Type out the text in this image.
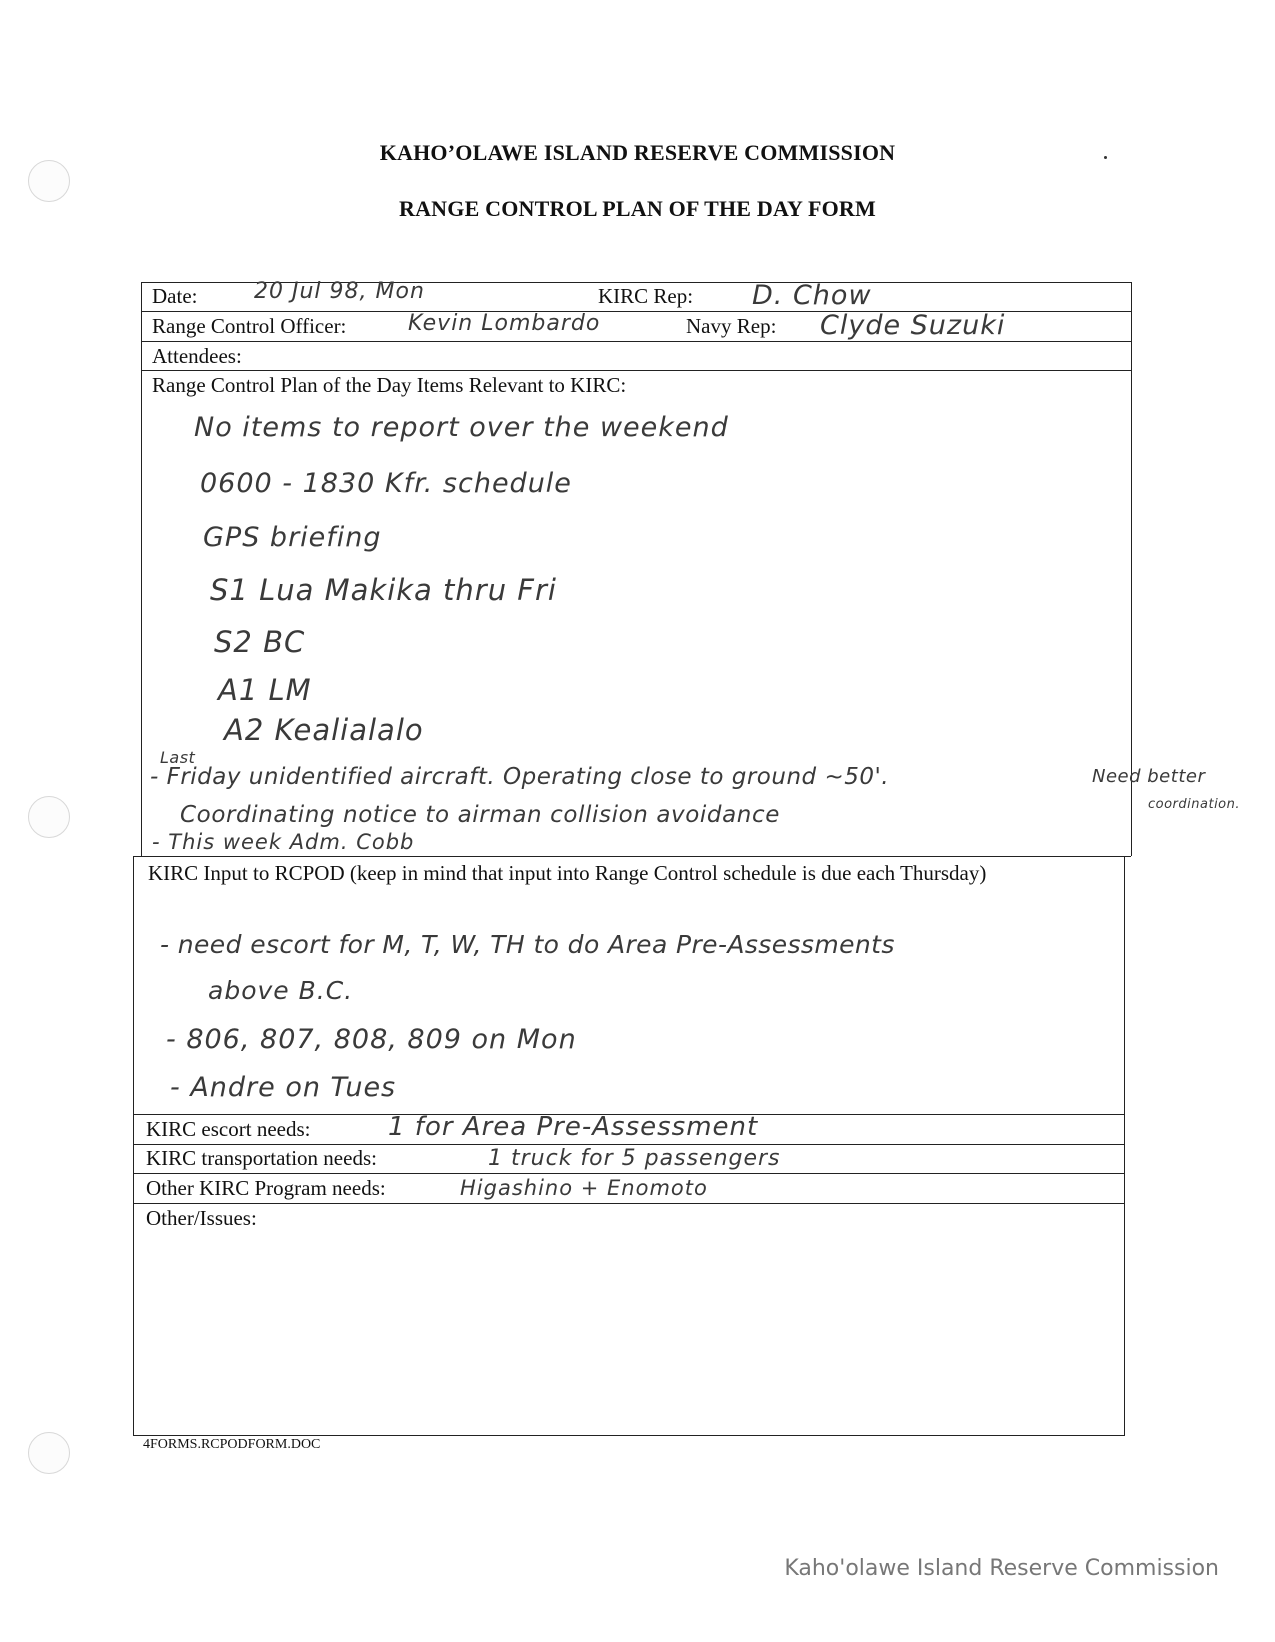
KAHO’OLAWE ISLAND RESERVE COMMISSION
RANGE CONTROL PLAN OF THE DAY FORM
Date:	20 Jul 98, Mon	KIRC Rep: D. Chow
Range Control Officer:	Kevin Lombardo	Navy Rep: Clyde Suzuki
Attendees:
Range Control Plan of the Day Items Relevant to KIRC:
No items to report over the weekend
0600 - 1830 Kfr. schedule
GPS briefing
S1 Lua Makika thru Fri
S2 BC
A1 LM
A2 Kealialalo
Last
- Friday unidentified aircraft. Operating close to ground ~50'.	Need better
coordination.
Coordinating notice to airman collision avoidance
- This week Adm. Cobb
KIRC Input to RCPOD (keep in mind that input into Range Control schedule is due each Thursday)
- need escort for M, T, W, TH to do Area Pre-Assessments
above B.C.
- 806, 807, 808, 809 on Mon
- Andre on Tues
KIRC escort needs:	1 for Area Pre-Assessment
KIRC transportation needs:	1 truck for 5 passengers
Other KIRC Program needs:	Higashino + Enomoto
Other/Issues:
4FORMS.RCPODFORM.DOC
Kaho'olawe Island Reserve Commission
